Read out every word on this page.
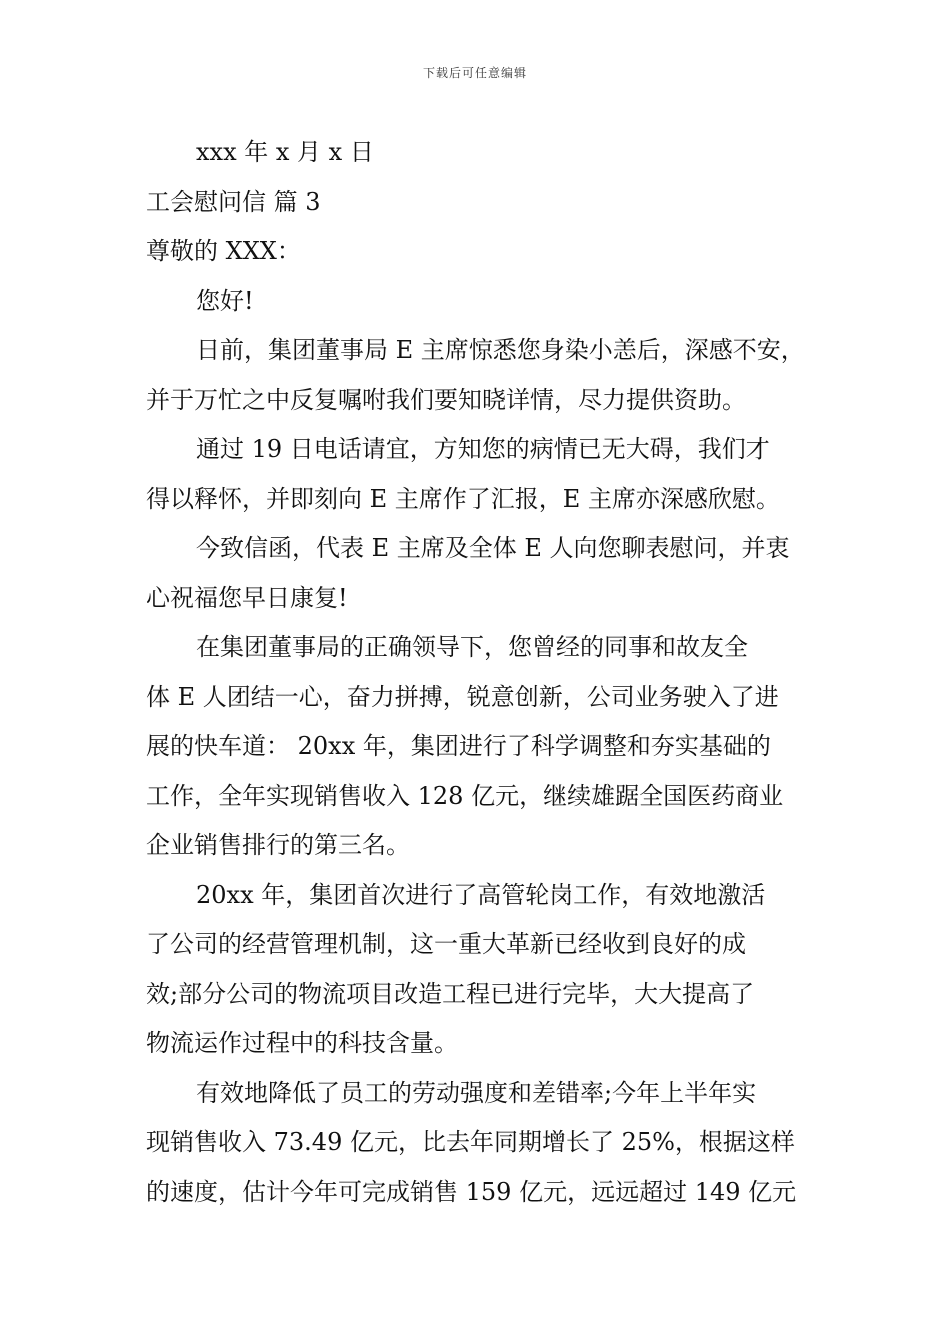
下载后可任意编辑

xxx 年 x 月 x 日

工会慰问信 篇 3

尊敬的 XXX：

您好!

日前，集团董事局 E 主席惊悉您身染小恙后，深感不安，

并于万忙之中反复嘱咐我们要知晓详情，尽力提供资助。

通过 19 日电话请宜，方知您的病情已无大碍，我们才

得以释怀，并即刻向 E 主席作了汇报，E 主席亦深感欣慰。

今致信函，代表 E 主席及全体 E 人向您聊表慰问，并衷

心祝福您早日康复!

在集团董事局的正确领导下，您曾经的同事和故友全

体 E 人团结一心，奋力拼搏，锐意创新，公司业务驶入了进

展的快车道： 20xx 年，集团进行了科学调整和夯实基础的

工作，全年实现销售收入 128 亿元，继续雄踞全国医药商业

企业销售排行的第三名。

20xx 年，集团首次进行了高管轮岗工作，有效地激活

了公司的经营管理机制，这一重大革新已经收到良好的成

效;部分公司的物流项目改造工程已进行完毕，大大提高了

物流运作过程中的科技含量。

有效地降低了员工的劳动强度和差错率;今年上半年实

现销售收入 73.49 亿元，比去年同期增长了 25%，根据这样

的速度，估计今年可完成销售 159 亿元，远远超过 149 亿元
